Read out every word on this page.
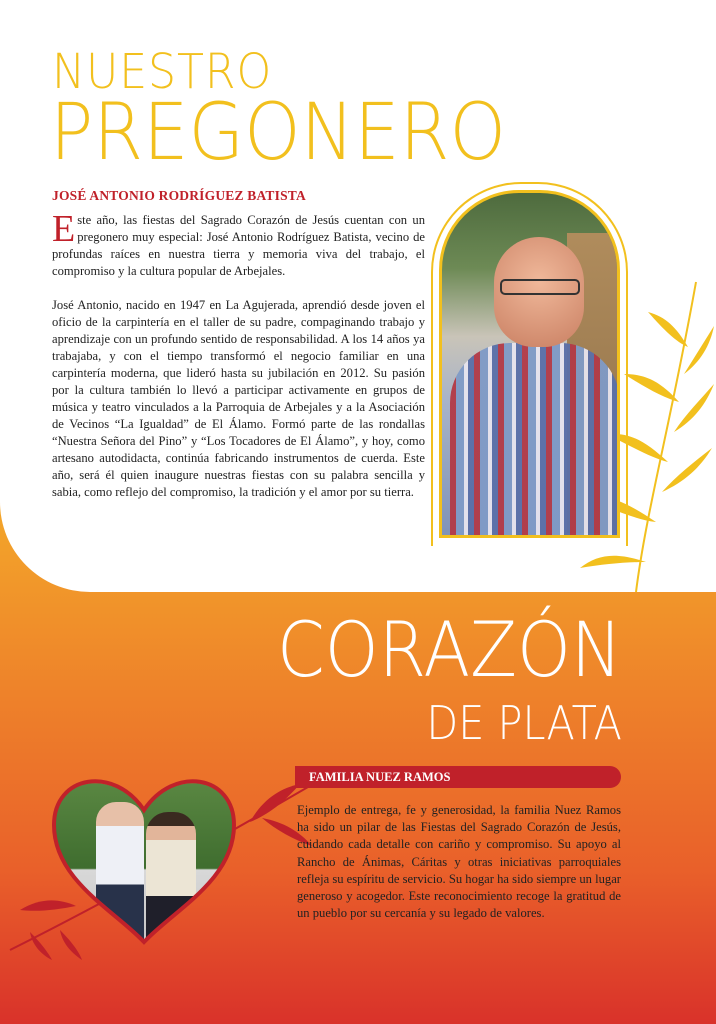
NUESTRO
PREGONERO
JOSÉ ANTONIO RODRÍGUEZ BATISTA

Este año, las fiestas del Sagrado Corazón de Jesús cuentan con un pregonero muy especial: José Antonio Rodríguez Batista, vecino de profundas raíces en nuestra tierra y memoria viva del trabajo, el compromiso y la cultura popular de Arbejales.

José Antonio, nacido en 1947 en La Agujerada, aprendió desde joven el oficio de la carpintería en el taller de su padre, compaginando trabajo y aprendizaje con un profundo sentido de responsabilidad. A los 14 años ya trabajaba, y con el tiempo transformó el negocio familiar en una carpintería moderna, que lideró hasta su jubilación en 2012. Su pasión por la cultura también lo llevó a participar activamente en grupos de música y teatro vinculados a la Parroquia de Arbejales y a la Asociación de Vecinos “La Igualdad” de El Álamo. Formó parte de las rondallas “Nuestra Señora del Pino” y “Los Tocadores de El Álamo”, y hoy, como artesano autodidacta, continúa fabricando instrumentos de cuerda. Este año, será él quien inaugure nuestras fiestas con su palabra sencilla y sabia, como reflejo del compromiso, la tradición y el amor por su tierra.

CORAZÓN
DE PLATA
FAMILIA NUEZ RAMOS

Ejemplo de entrega, fe y generosidad, la familia Nuez Ramos ha sido un pilar de las Fiestas del Sagrado Corazón de Jesús, cuidando cada detalle con cariño y compromiso. Su apoyo al Rancho de Ánimas, Cáritas y otras iniciativas parroquiales refleja su espíritu de servicio. Su hogar ha sido siempre un lugar generoso y acogedor. Este reconocimiento recoge la gratitud de un pueblo por su cercanía y su legado de valores.
